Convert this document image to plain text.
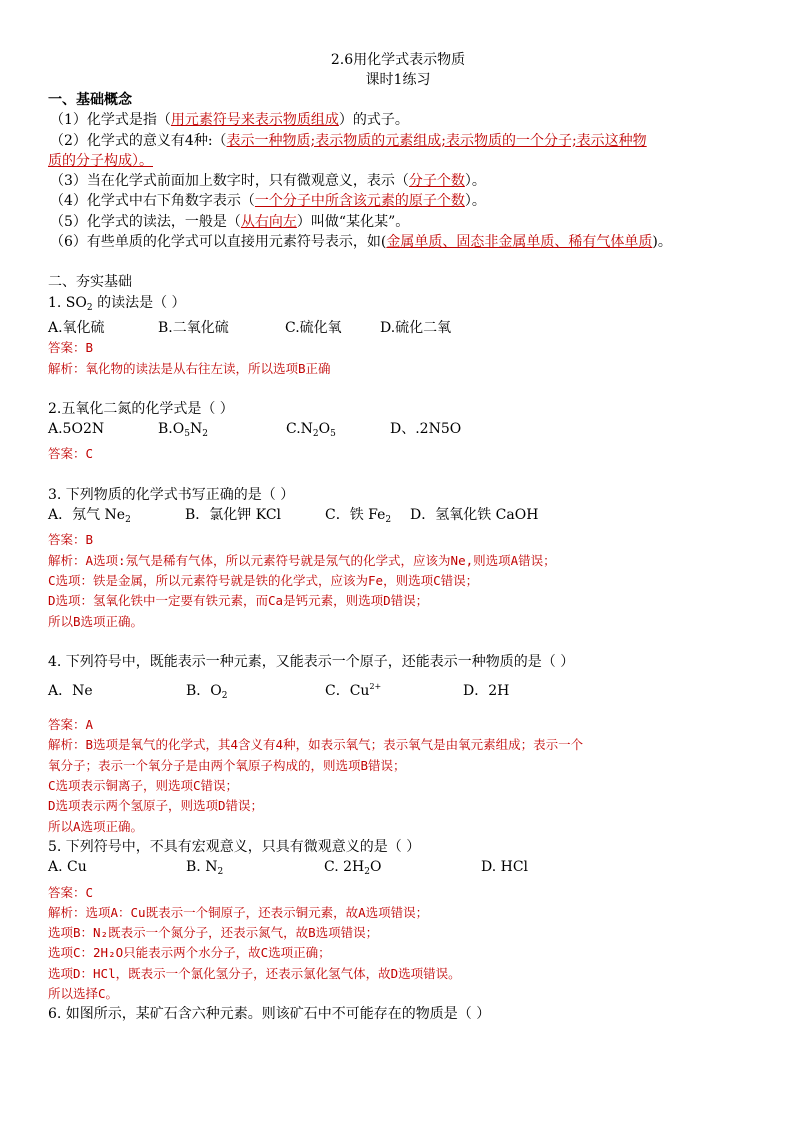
2.6用化学式表示物质
课时1练习
一、基础概念
（1）化学式是指（用元素符号来表示物质组成）的式子。
（2）化学式的意义有4种:（表示一种物质;表示物质的元素组成;表示物质的一个分子;表示这种物
质的分子构成）。
（3）当在化学式前面加上数字时，只有微观意义，表示（分子个数）。
（4）化学式中右下角数字表示（一个分子中所含该元素的原子个数）。
（5）化学式的读法，一般是（从右向左）叫做“某化某”。
（6）有些单质的化学式可以直接用元素符号表示，如(金属单质、固态非金属单质、稀有气体单质)。
二、夯实基础
1. $SO_2$ 的读法是（ ）
A.氧化硫	B.二氧化硫	C.硫化氧	D.硫化二氧
答案：B
解析：氧化物的读法是从右往左读，所以选项B正确
2.五氧化二氮的化学式是（ ）
A.5O2N	$B.O_5N_2$	$C.N_2O_5$	D、.2N5O
答案：C
3. 下列物质的化学式书写正确的是（ ）
A．氖气 $Ne_2$	B．氯化钾 KCl	C．铁 $Fe_2$ D．氢氧化铁 CaOH
答案：B
解析：A选项:氖气是稀有气体，所以元素符号就是氖气的化学式，应该为Ne,则选项A错误；
C选项：铁是金属，所以元素符号就是铁的化学式，应该为Fe，则选项C错误；
D选项：氢氧化铁中一定要有铁元素，而Ca是钙元素，则选项D错误；
所以B选项正确。
4. 下列符号中，既能表示一种元素，又能表示一个原子，还能表示一种物质的是（ ）
A．Ne	B．$O_2$	C．$Cu^{2+}$	D．2H
答案：A
解析：B选项是氧气的化学式，其4含义有4种，如表示氧气；表示氧气是由氧元素组成；表示一个
氧分子；表示一个氧分子是由两个氧原子构成的，则选项B错误；
C选项表示铜离子，则选项C错误；
D选项表示两个氢原子，则选项D错误；
所以A选项正确。
5. 下列符号中，不具有宏观意义，只具有微观意义的是（ ）
A. Cu	B. $N_2$	C. $2H_2O$	D. HCl
答案：C
解析：选项A：Cu既表示一个铜原子，还表示铜元素，故A选项错误；
选项B：N₂既表示一个氮分子，还表示氮气，故B选项错误；
选项C：2H₂O只能表示两个水分子，故C选项正确；
选项D：HCl，既表示一个氯化氢分子，还表示氯化氢气体，故D选项错误。
所以选择C。
6. 如图所示，某矿石含六种元素。则该矿石中不可能存在的物质是（ ）
